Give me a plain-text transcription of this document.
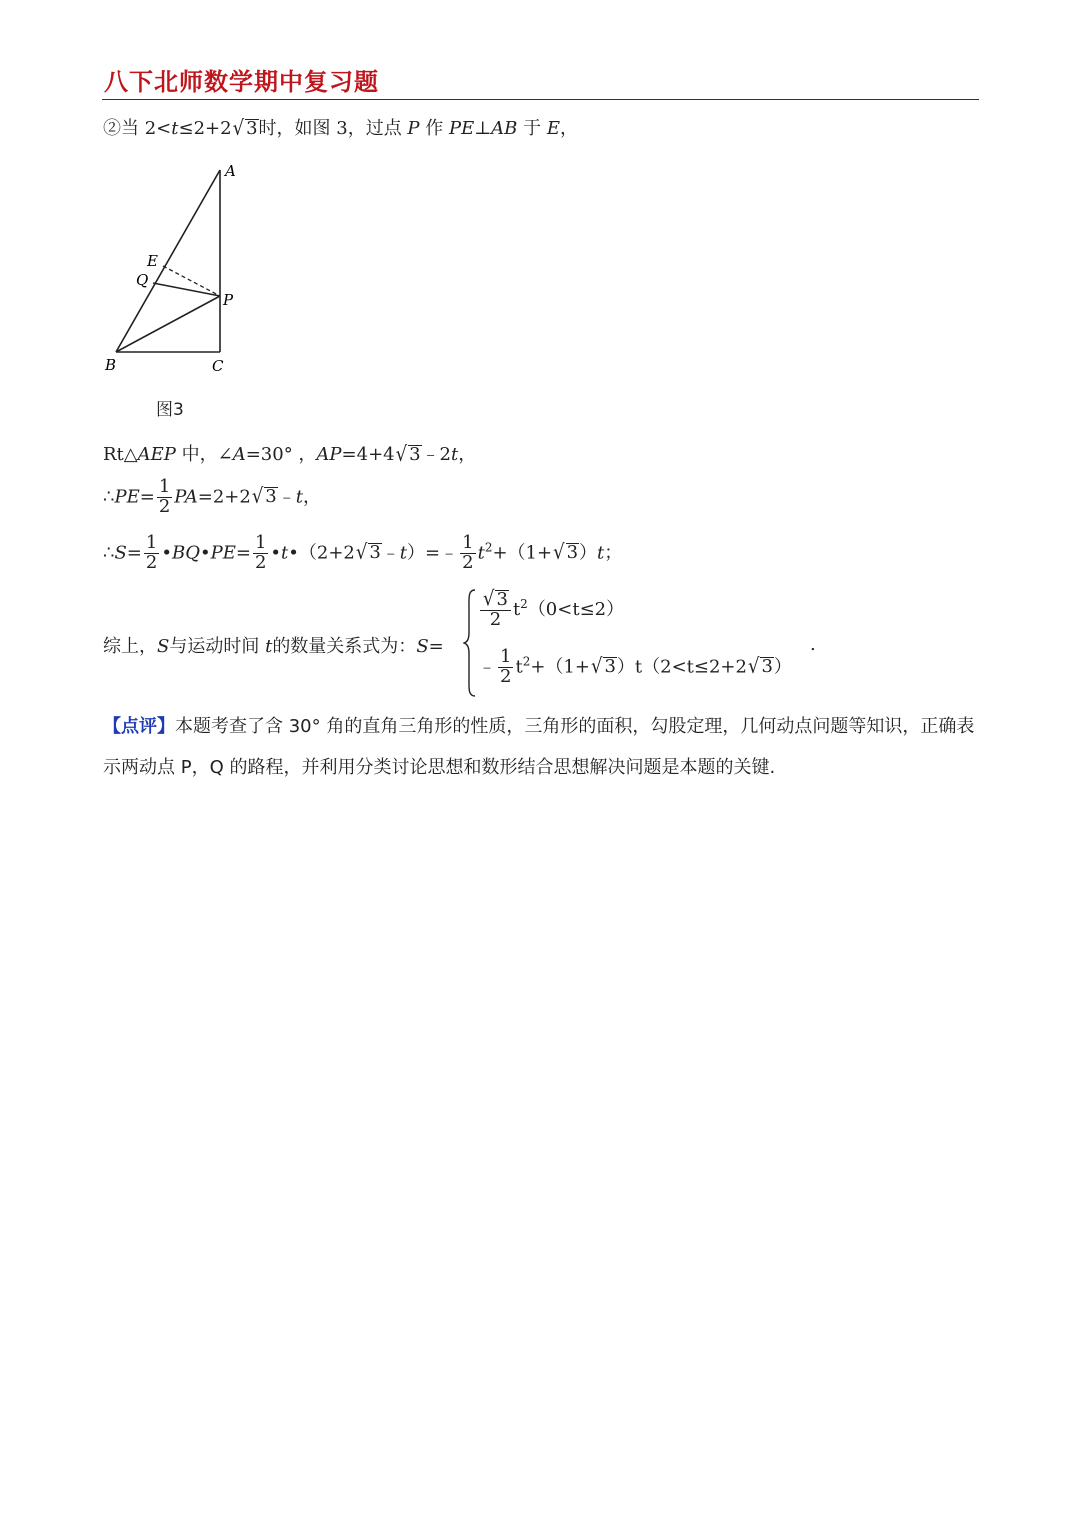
八下北师数学期中复习题
②当 2<t≤2+2√ 3时，如图 3，过点 P 作 PE⊥AB 于 E，
A
B	C
E
Q
P
图3
Rt△AEP 中，∠A=30° ，AP=4+4√ 3﹣2t，
∴PE= $\frac{1}{2} PA=2+2√$ 3﹣t，
∴S= $\frac{1}{2}$ •BQ•PE= $\frac{1}{2}$ •t•（2+2√ 3﹣t）=﹣ $\frac{1}{2} t^2+(1+√$ 3）t；
综上，S与运动时间 t的数量关系式为：S=
$\frac{√ 3}{2} t^2(0<t\le 2)$
﹣ $\frac{1}{2} t^2+(1+√$ 3）t（2<t≤2+2√ 3）
.
【点评】本题考查了含 30° 角的直角三角形的性质，三角形的面积，勾股定理，几何动点问题等知识，正确表示两动点 P，Q 的路程，并利用分类讨论思想和数形结合思想解决问题是本题的关键.
